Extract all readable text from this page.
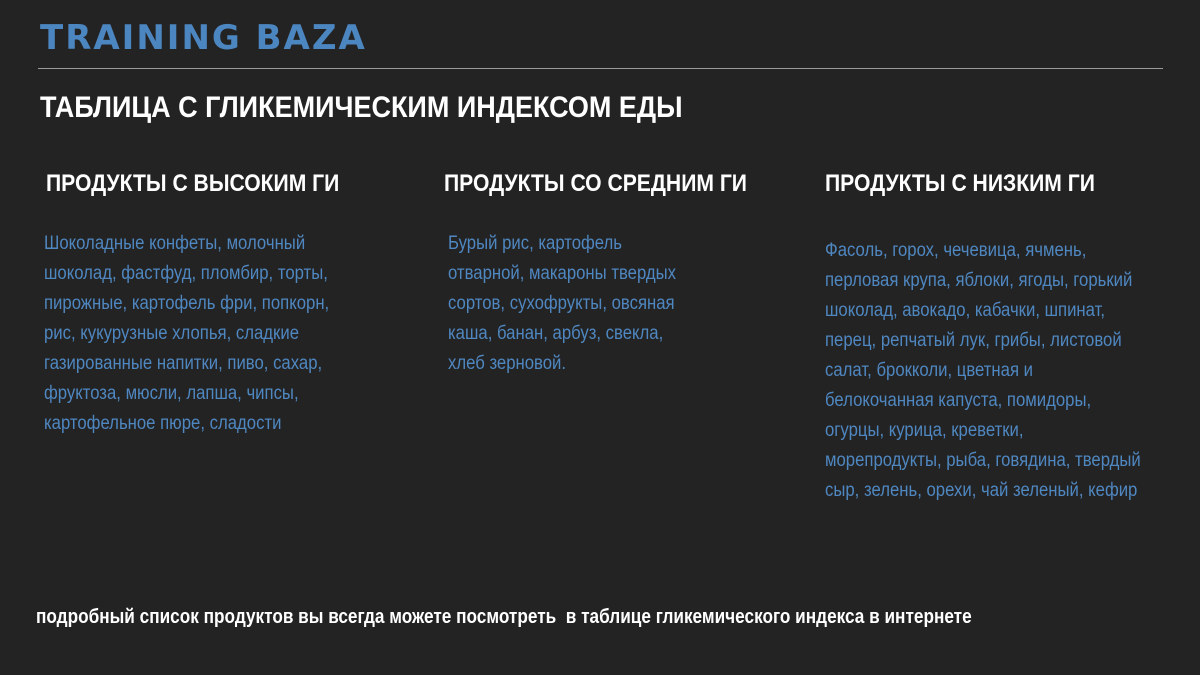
TRAINING BAZA
ТАБЛИЦА С ГЛИКЕМИЧЕСКИМ ИНДЕКСОМ ЕДЫ
ПРОДУКТЫ С ВЫСОКИМ ГИ

Шоколадные конфеты, молочный
шоколад, фастфуд, пломбир, торты,
пирожные, картофель фри, попкорн,
рис, кукурузные хлопья, сладкие
газированные напитки, пиво, сахар,
фруктоза, мюсли, лапша, чипсы,
картофельное пюре, сладости

ПРОДУКТЫ СО СРЕДНИМ ГИ

Бурый рис, картофель
отварной, макароны твердых
сортов, сухофрукты, овсяная
каша, банан, арбуз, свекла,
хлеб зерновой.

ПРОДУКТЫ С НИЗКИМ ГИ

Фасоль, горох, чечевица, ячмень,
перловая крупа, яблоки, ягоды, горький
шоколад, авокадо, кабачки, шпинат,
перец, репчатый лук, грибы, листовой
салат, брокколи, цветная и
белокочанная капуста, помидоры,
огурцы, курица, креветки,
морепродукты, рыба, говядина, твердый
сыр, зелень, орехи, чай зеленый, кефир

подробный список продуктов вы всегда можете посмотреть  в таблице гликемического индекса в интернете
